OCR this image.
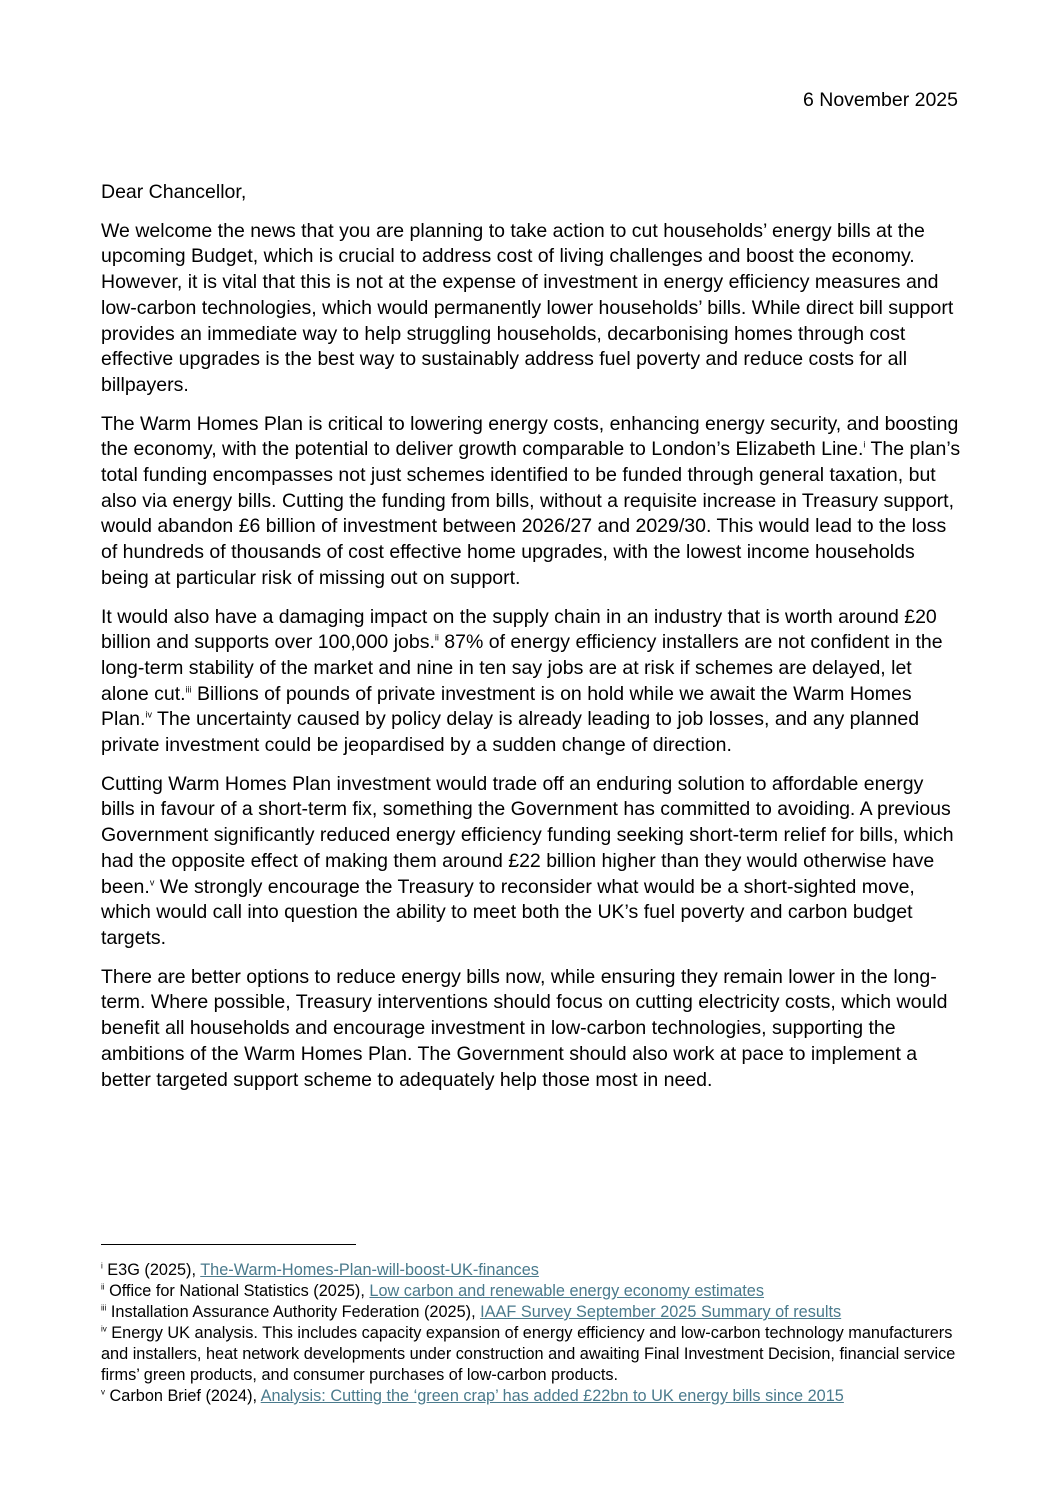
6 November 2025

Dear Chancellor,

We welcome the news that you are planning to take action to cut households’ energy bills at the upcoming Budget, which is crucial to address cost of living challenges and boost the economy. However, it is vital that this is not at the expense of investment in energy efficiency measures and low-carbon technologies, which would permanently lower households’ bills. While direct bill support provides an immediate way to help struggling households, decarbonising homes through cost effective upgrades is the best way to sustainably address fuel poverty and reduce costs for all billpayers.

The Warm Homes Plan is critical to lowering energy costs, enhancing energy security, and boosting the economy, with the potential to deliver growth comparable to London’s Elizabeth Line.$^i$ The plan’s total funding encompasses not just schemes identified to be funded through general taxation, but also via energy bills. Cutting the funding from bills, without a requisite increase in Treasury support, would abandon £6 billion of investment between 2026/27 and 2029/30. This would lead to the loss of hundreds of thousands of cost effective home upgrades, with the lowest income households being at particular risk of missing out on support.

It would also have a damaging impact on the supply chain in an industry that is worth around £20 billion and supports over 100,000 jobs.$^{ii}$ 87% of energy efficiency installers are not confident in the long-term stability of the market and nine in ten say jobs are at risk if schemes are delayed, let alone cut.$^{iii}$ Billions of pounds of private investment is on hold while we await the Warm Homes Plan.$^{iv}$ The uncertainty caused by policy delay is already leading to job losses, and any planned private investment could be jeopardised by a sudden change of direction.

Cutting Warm Homes Plan investment would trade off an enduring solution to affordable energy bills in favour of a short-term fix, something the Government has committed to avoiding. A previous Government significantly reduced energy efficiency funding seeking short-term relief for bills, which had the opposite effect of making them around £22 billion higher than they would otherwise have been.$^v$ We strongly encourage the Treasury to reconsider what would be a short-sighted move, which would call into question the ability to meet both the UK’s fuel poverty and carbon budget targets.

There are better options to reduce energy bills now, while ensuring they remain lower in the long-term. Where possible, Treasury interventions should focus on cutting electricity costs, which would benefit all households and encourage investment in low-carbon technologies, supporting the ambitions of the Warm Homes Plan. The Government should also work at pace to implement a better targeted support scheme to adequately help those most in need.

$^i$ E3G (2025), The-Warm-Homes-Plan-will-boost-UK-finances

$^{ii}$ Office for National Statistics (2025), Low carbon and renewable energy economy estimates

$^{iii}$ Installation Assurance Authority Federation (2025), IAAF Survey September 2025 Summary of results

$^{iv}$ Energy UK analysis. This includes capacity expansion of energy efficiency and low-carbon technology manufacturers and installers, heat network developments under construction and awaiting Final Investment Decision, financial service firms’ green products, and consumer purchases of low-carbon products.

$^v$ Carbon Brief (2024), Analysis: Cutting the ‘green crap’ has added £22bn to UK energy bills since 2015
